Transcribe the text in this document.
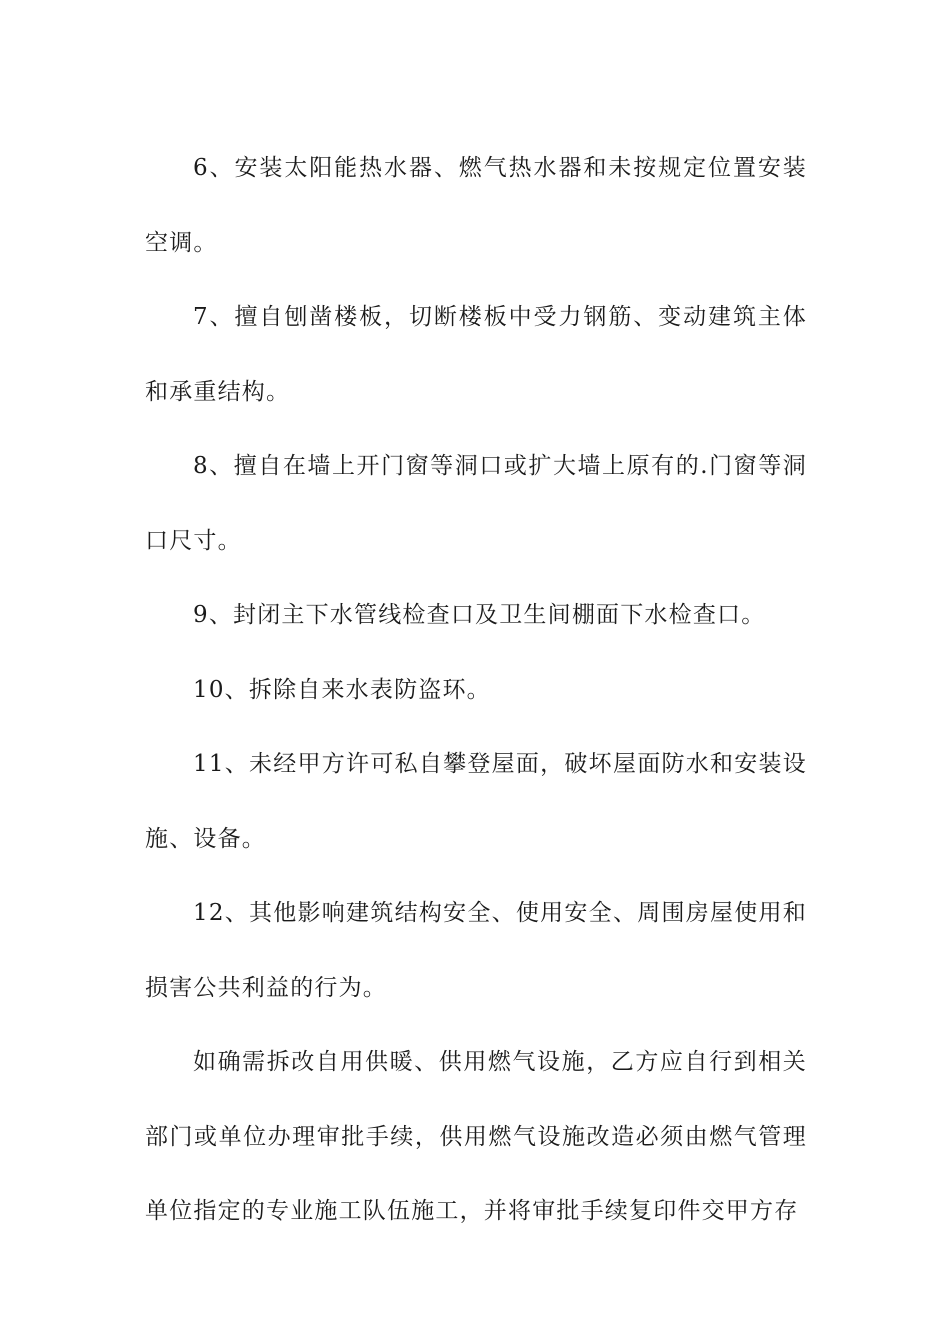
6、安装太阳能热水器、燃气热水器和未按规定位置安装空调。

7、擅自刨凿楼板，切断楼板中受力钢筋、变动建筑主体和承重结构。

8、擅自在墙上开门窗等洞口或扩大墙上原有的.门窗等洞口尺寸。

9、封闭主下水管线检查口及卫生间棚面下水检查口。

10、拆除自来水表防盗环。

11、未经甲方许可私自攀登屋面，破坏屋面防水和安装设施、设备。

12、其他影响建筑结构安全、使用安全、周围房屋使用和损害公共利益的行为。

如确需拆改自用供暖、供用燃气设施，乙方应自行到相关部门或单位办理审批手续，供用燃气设施改造必须由燃气管理单位指定的专业施工队伍施工，并将审批手续复印件交甲方存
